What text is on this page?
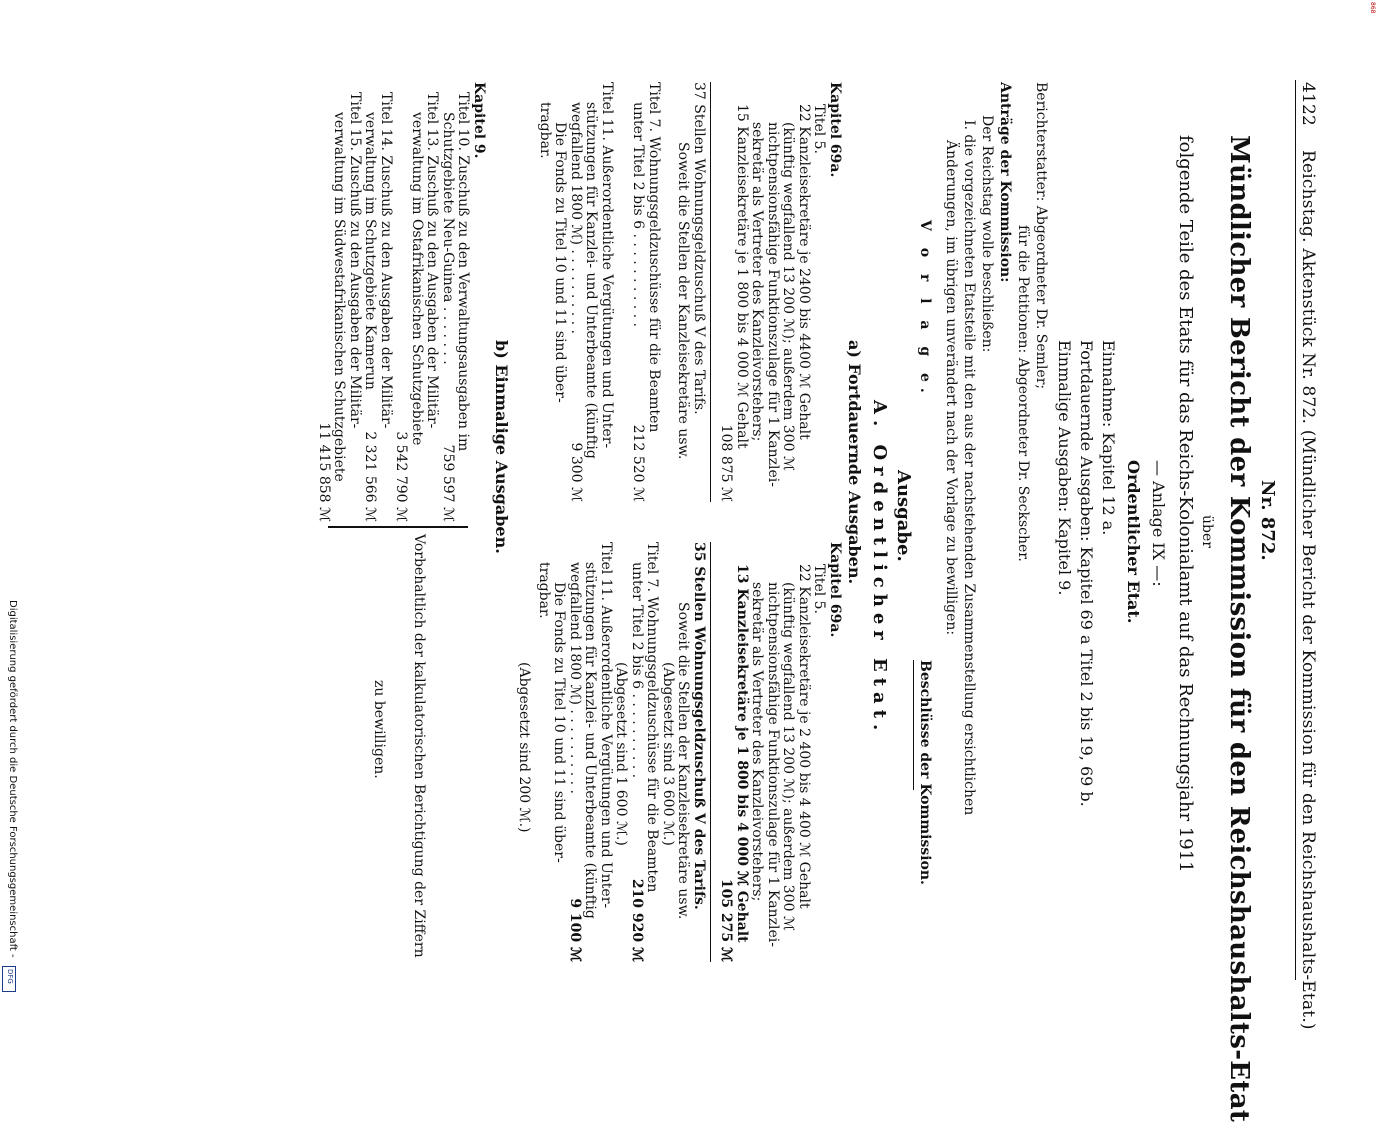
Digitalisierung gefördert durch die Deutsche Forschungsgemeinschaft -
DFG
868
4122
Reichstag. Aktenstück Nr. 872. (Mündlicher Bericht der Kommission für den Reichshaushalts-Etat.)
Nr. 872.
Mündlicher Bericht der Kommission für den Reichshaushalts-Etat
über
folgende Teile des Etats für das Reichs-Kolonialamt auf das Rechnungsjahr 1911
— Anlage IX —:
Ordentlicher Etat.
Einnahme: Kapitel 12 a.
Fortdauernde Ausgaben: Kapitel 69 a Titel 2 bis 19, 69 b.
Einmalige Ausgaben: Kapitel 9.
Berichterstatter: Abgeordneter Dr. Semler;
für die Petitionen: Abgeordneter Dr. Seckscher.
Anträge der Kommission:
Der Reichstag wolle beschließen:
I. die vorgezeichneten Etatsteile mit den aus der nachstehenden Zusammenstellung ersichtlichen
Änderungen, im übrigen unverändert nach der Vorlage zu bewilligen:
V o r l a g e.
Beschlüsse der Kommission.
Ausgabe.
A. Ordentlicher Etat.
a) Fortdauernde Ausgaben.

Kapitel 69a.

Titel 5.

22 Kanzleisekretäre je 2400 bis 4400 ℳ Gehalt

(künftig wegfallend 13 200 ℳ); außerdem 300 ℳ

nichtpensionsfähige Funktionszulage für 1 Kanzlei-

sekretär als Vertreter des Kanzleivorstehers;

15 Kanzleisekretäre je 1 800 bis 4 000 ℳ Gehalt

108 875 ℳ

37 Stellen Wohnungsgeldzuschuß V des Tarifs.

Soweit die Stellen der Kanzleisekretäre usw.

Titel 7. Wohnungsgeldzuschüsse für die Beamten

unter Titel 2 bis 6 . . . . . . . . . . .
212 520 ℳ

Titel 11. Außerordentliche Vergütungen und Unter-

stützungen für Kanzlei- und Unterbeamte (künftig

wegfallend 1800 ℳ) . . . . . . . . . .
9 300 ℳ

Die Fonds zu Titel 10 und 11 sind über-

tragbar.

Kapitel 69a.

Titel 5.

22 Kanzleisekretäre je 2 400 bis 4 400 ℳ Gehalt

(künftig wegfallend 13 200 ℳ); außerdem 300 ℳ

nichtpensionsfähige Funktionszulage für 1 Kanzlei-

sekretär als Vertreter des Kanzleivorstehers;

13 Kanzleisekretäre je 1 800 bis 4 000 ℳ Gehalt

105 275 ℳ

35 Stellen Wohnungsgeldzuschuß V des Tarifs.

Soweit die Stellen der Kanzleisekretäre usw.

(Abgesetzt sind 3 600 ℳ.)

Titel 7. Wohnungsgeldzuschüsse für die Beamten

unter Titel 2 bis 6 . . . . . . . . . .
210 920 ℳ

(Abgesetzt sind 1 600 ℳ.)

Titel 11. Außerordentliche Vergütungen und Unter-

stützungen für Kanzlei- und Unterbeamte (künftig

wegfallend 1800 ℳ) . . . . . . . . . .
9 100 ℳ

Die Fonds zu Titel 10 und 11 sind über-

tragbar.

(Abgesetzt sind 200 ℳ.)

b) Einmalige Ausgaben.

Kapitel 9.

Titel 10. Zuschuß zu den Verwaltungsausgaben im

Schutzgebiete Neu-Guinea . . . . . . .
759 597 ℳ

Titel 13. Zuschuß zu den Ausgaben der Militär-

verwaltung im Ostafrikanischen Schutzgebiete

3 542 790 ℳ

Titel 14. Zuschuß zu den Ausgaben der Militär-

verwaltung im Schutzgebiete Kamerun
2 321 566 ℳ

Titel 15. Zuschuß zu den Ausgaben der Militär-

verwaltung im Südwestafrikanischen Schutzgebiete

11 415 858 ℳ

Vorbehaltlich der kalkulatorischen Berichtigung der Ziffern
zu bewilligen.
